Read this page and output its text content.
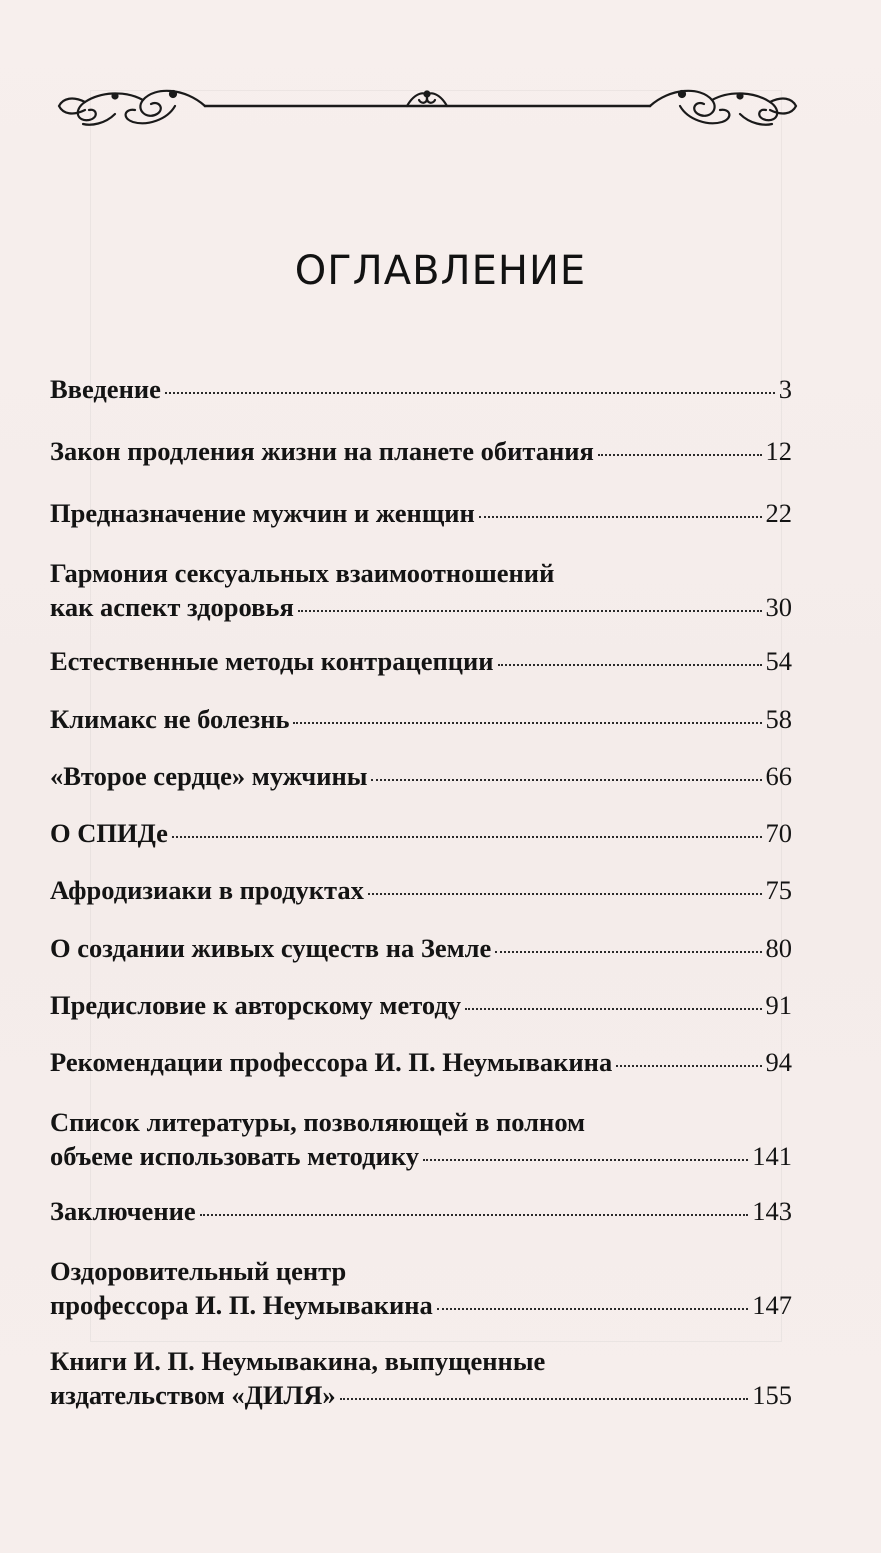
ОГЛАВЛЕНИЕ
Введение	3
Закон продления жизни на планете обитания	12
Предназначение мужчин и женщин	22
Гармония сексуальных взаимоотношений
как аспект здоровья	30
Естественные методы контрацепции	54
Климакс не болезнь	58
«Второе сердце» мужчины	66
О СПИДе	70
Афродизиаки в продуктах	75
О создании живых существ на Земле	80
Предисловие к авторскому методу	91
Рекомендации профессора И. П. Неумывакина	94
Список литературы, позволяющей в полном
объеме использовать методику	141
Заключение	143
Оздоровительный центр
профессора И. П. Неумывакина	147
Книги И. П. Неумывакина, выпущенные
издательством «ДИЛЯ»	155
